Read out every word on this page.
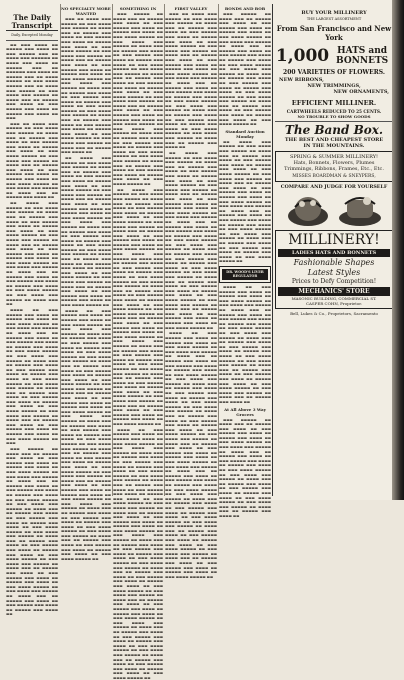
The Daily Transcript
Daily, Excepted Monday

▬▬ ▬▬▬ ▬▬▬▬ ▬▬ ▬▬▬▬▬ ▬▬▬ ▬▬▬▬ ▬▬ ▬▬▬ ▬▬▬▬▬ ▬▬▬ ▬▬ ▬▬▬▬ ▬▬▬ ▬▬▬▬▬▬ ▬▬ ▬▬▬▬ ▬▬▬ ▬▬▬▬ ▬▬ ▬▬▬▬▬ ▬▬▬ ▬▬ ▬▬▬▬▬▬ ▬▬▬ ▬▬▬▬ ▬▬ ▬▬▬▬▬ ▬▬▬ ▬▬ ▬▬▬▬ ▬▬▬▬▬ ▬▬ ▬▬▬ ▬▬▬▬ ▬▬▬▬▬ ▬▬▬ ▬▬ ▬▬▬▬ ▬▬▬ ▬▬▬▬▬ ▬▬ ▬▬▬ ▬▬▬▬ ▬▬▬ ▬▬▬▬▬ ▬▬ ▬▬▬▬ ▬▬▬ ▬▬ ▬▬▬▬▬ ▬▬▬ ▬▬▬▬ ▬▬ ▬▬▬ ▬▬▬▬▬ ▬▬▬ ▬▬▬▬ ▬▬ ▬▬▬▬▬ ▬▬▬ ▬▬▬▬ ▬▬ ▬▬▬

▬▬▬ ▬▬ ▬▬▬▬ ▬▬▬ ▬▬▬▬▬ ▬▬ ▬▬▬ ▬▬▬▬ ▬▬▬ ▬▬▬▬▬ ▬▬ ▬▬▬▬ ▬▬▬ ▬▬ ▬▬▬▬▬ ▬▬▬ ▬▬▬▬ ▬▬ ▬▬▬ ▬▬▬▬▬ ▬▬▬ ▬▬▬▬ ▬▬ ▬▬▬▬▬ ▬▬▬ ▬▬▬▬ ▬▬ ▬▬▬ ▬▬▬▬ ▬▬▬▬▬ ▬▬ ▬▬▬ ▬▬▬▬ ▬▬▬ ▬▬▬▬▬ ▬▬ ▬▬▬▬ ▬▬▬ ▬▬ ▬▬▬▬▬ ▬▬▬ ▬▬▬▬ ▬▬ ▬▬▬ ▬▬▬▬▬ ▬▬▬ ▬▬▬▬ ▬▬ ▬▬▬▬▬ ▬▬▬ ▬▬▬▬ ▬▬ ▬▬▬ ▬▬▬▬ ▬▬▬▬▬ ▬▬ ▬▬▬ ▬▬▬▬ ▬▬▬ ▬▬▬▬▬ ▬▬ ▬▬▬▬ ▬▬▬ ▬▬ ▬▬▬▬▬ ▬▬▬ ▬▬▬▬ ▬▬

▬▬ ▬▬▬▬ ▬▬▬ ▬▬▬▬▬ ▬▬ ▬▬▬ ▬▬▬▬ ▬▬▬ ▬▬▬▬▬ ▬▬ ▬▬▬▬ ▬▬▬ ▬▬ ▬▬▬▬▬ ▬▬▬ ▬▬▬▬ ▬▬ ▬▬▬ ▬▬▬▬▬ ▬▬▬ ▬▬▬▬ ▬▬ ▬▬▬▬▬ ▬▬▬ ▬▬▬▬ ▬▬ ▬▬▬ ▬▬▬▬ ▬▬▬▬▬ ▬▬ ▬▬▬ ▬▬▬▬ ▬▬▬ ▬▬▬▬▬ ▬▬ ▬▬▬▬ ▬▬▬ ▬▬ ▬▬▬▬▬ ▬▬▬ ▬▬▬▬ ▬▬ ▬▬▬ ▬▬▬▬▬ ▬▬▬ ▬▬▬▬ ▬▬ ▬▬▬▬▬ ▬▬▬ ▬▬▬▬ ▬▬ ▬▬▬ ▬▬▬▬ ▬▬▬▬▬ ▬▬ ▬▬▬ ▬▬▬▬ ▬▬▬ ▬▬▬▬▬ ▬▬ ▬▬▬▬ ▬▬▬ ▬▬ ▬▬▬▬▬ ▬▬▬ ▬▬▬▬ ▬▬ ▬▬▬ ▬▬▬▬▬ ▬▬▬ ▬▬▬▬ ▬▬ ▬▬▬▬▬ ▬▬▬ ▬▬▬▬ ▬▬ ▬▬▬ ▬▬▬▬ ▬▬▬▬▬ ▬▬ ▬▬▬ ▬▬▬▬ ▬▬▬ ▬▬▬▬▬ ▬▬ ▬▬▬▬ ▬▬▬ ▬▬

▬▬▬▬ ▬▬ ▬▬▬ ▬▬▬▬▬ ▬▬▬ ▬▬▬▬ ▬▬ ▬▬▬▬▬ ▬▬▬ ▬▬▬▬ ▬▬ ▬▬▬ ▬▬▬▬ ▬▬▬▬▬ ▬▬ ▬▬▬ ▬▬▬▬ ▬▬▬ ▬▬▬▬▬ ▬▬ ▬▬▬▬ ▬▬▬ ▬▬ ▬▬▬▬▬ ▬▬▬ ▬▬▬▬ ▬▬ ▬▬▬ ▬▬▬▬▬ ▬▬▬ ▬▬▬▬ ▬▬ ▬▬▬▬▬ ▬▬▬ ▬▬▬▬ ▬▬ ▬▬▬ ▬▬▬▬ ▬▬▬▬▬ ▬▬ ▬▬▬ ▬▬▬▬ ▬▬▬ ▬▬▬▬▬ ▬▬ ▬▬▬▬ ▬▬▬ ▬▬ ▬▬▬▬▬ ▬▬▬ ▬▬▬▬ ▬▬ ▬▬▬ ▬▬▬▬▬ ▬▬▬ ▬▬▬▬ ▬▬ ▬▬▬▬▬ ▬▬▬ ▬▬▬▬ ▬▬ ▬▬▬ ▬▬▬▬ ▬▬▬▬▬ ▬▬ ▬▬▬ ▬▬▬▬ ▬▬▬ ▬▬▬▬▬ ▬▬ ▬▬▬▬ ▬▬▬ ▬▬ ▬▬▬▬▬ ▬▬▬ ▬▬▬▬ ▬▬ ▬▬▬ ▬▬▬▬▬ ▬▬▬ ▬▬▬▬ ▬▬ ▬▬▬▬▬ ▬▬▬ ▬▬▬▬ ▬▬ ▬▬▬ ▬▬▬▬ ▬▬▬▬▬ ▬▬ ▬▬▬ ▬▬▬▬ ▬▬▬ ▬▬▬▬▬ ▬▬ ▬▬▬▬ ▬▬▬ ▬▬ ▬▬▬▬▬ ▬▬▬ ▬▬▬▬ ▬▬ ▬▬▬ ▬▬▬▬▬ ▬▬▬ ▬▬▬▬ ▬▬ ▬▬▬▬▬ ▬▬▬ ▬▬▬▬ ▬▬ ▬▬▬ ▬▬▬▬ ▬▬▬▬▬ ▬▬ ▬▬▬

▬▬▬ ▬▬▬▬▬ ▬▬ ▬▬▬▬ ▬▬▬ ▬▬ ▬▬▬▬▬ ▬▬▬ ▬▬▬▬ ▬▬ ▬▬▬ ▬▬▬▬▬ ▬▬▬ ▬▬▬▬ ▬▬ ▬▬▬▬▬ ▬▬▬ ▬▬▬▬ ▬▬ ▬▬▬ ▬▬▬▬ ▬▬▬▬▬ ▬▬ ▬▬▬ ▬▬▬▬ ▬▬▬ ▬▬▬▬▬ ▬▬ ▬▬▬▬ ▬▬▬ ▬▬ ▬▬▬▬▬ ▬▬▬ ▬▬▬▬ ▬▬ ▬▬▬ ▬▬▬▬▬ ▬▬▬ ▬▬▬▬ ▬▬ ▬▬▬▬▬ ▬▬▬ ▬▬▬▬ ▬▬ ▬▬▬ ▬▬▬▬ ▬▬▬▬▬ ▬▬ ▬▬▬ ▬▬▬▬ ▬▬▬ ▬▬▬▬▬ ▬▬ ▬▬▬▬ ▬▬▬ ▬▬ ▬▬▬▬▬ ▬▬▬ ▬▬▬▬ ▬▬ ▬▬▬ ▬▬▬▬▬ ▬▬▬ ▬▬▬▬ ▬▬ ▬▬▬▬▬ ▬▬▬ ▬▬▬▬ ▬▬ ▬▬▬ ▬▬▬▬ ▬▬▬▬▬ ▬▬ ▬▬▬ ▬▬▬▬ ▬▬▬ ▬▬▬▬▬ ▬▬ ▬▬▬▬ ▬▬▬ ▬▬ ▬▬▬▬▬ ▬▬▬ ▬▬▬▬ ▬▬ ▬▬▬ ▬▬▬▬▬ ▬▬▬ ▬▬▬▬ ▬▬ ▬▬▬▬▬ ▬▬▬ ▬▬▬▬ ▬▬ ▬▬▬ ▬▬▬▬ ▬▬▬▬▬ ▬▬ ▬▬▬ ▬▬▬▬ ▬▬▬ ▬▬▬▬▬ ▬▬ ▬▬▬▬ ▬▬▬ ▬▬ ▬▬▬▬▬ ▬▬▬ ▬▬▬▬ ▬▬ ▬▬▬ ▬▬▬▬▬ ▬▬▬ ▬▬▬▬ ▬▬ ▬▬▬▬▬ ▬▬▬ ▬▬▬▬ ▬▬ ▬▬▬ ▬▬▬▬ ▬▬▬▬▬ ▬▬ ▬▬▬ ▬▬▬▬ ▬▬▬ ▬▬▬▬▬ ▬▬ ▬▬▬▬ ▬▬▬ ▬▬ ▬▬▬▬▬ ▬▬▬ ▬▬▬▬ ▬▬ ▬▬▬ ▬▬▬▬▬ ▬▬▬ ▬▬▬▬ ▬▬ ▬▬▬▬▬ ▬▬▬ ▬▬▬▬ ▬▬

NO SPECIALTY MORE WANTED

▬▬▬ ▬▬ ▬▬▬▬ ▬▬▬ ▬▬▬▬▬ ▬▬ ▬▬▬ ▬▬▬▬ ▬▬▬ ▬▬▬▬▬ ▬▬ ▬▬▬▬ ▬▬▬ ▬▬ ▬▬▬▬▬ ▬▬▬ ▬▬▬▬ ▬▬ ▬▬▬ ▬▬▬▬▬ ▬▬▬ ▬▬▬▬ ▬▬ ▬▬▬▬▬ ▬▬▬ ▬▬▬▬ ▬▬ ▬▬▬ ▬▬▬▬ ▬▬▬▬▬ ▬▬ ▬▬▬ ▬▬▬▬ ▬▬▬ ▬▬▬▬▬ ▬▬ ▬▬▬▬ ▬▬▬ ▬▬ ▬▬▬▬▬ ▬▬▬ ▬▬▬▬ ▬▬ ▬▬▬ ▬▬▬▬▬ ▬▬▬ ▬▬▬▬ ▬▬ ▬▬▬▬▬ ▬▬▬ ▬▬▬▬ ▬▬ ▬▬▬ ▬▬▬▬ ▬▬▬▬▬ ▬▬ ▬▬▬ ▬▬▬▬ ▬▬▬ ▬▬▬▬▬ ▬▬ ▬▬▬▬ ▬▬▬ ▬▬ ▬▬▬▬▬ ▬▬▬ ▬▬▬▬ ▬▬ ▬▬▬ ▬▬▬▬▬ ▬▬▬ ▬▬▬▬ ▬▬ ▬▬▬▬▬ ▬▬▬ ▬▬▬▬ ▬▬ ▬▬▬ ▬▬▬▬ ▬▬▬▬▬ ▬▬ ▬▬▬ ▬▬▬▬ ▬▬▬ ▬▬▬▬▬ ▬▬ ▬▬▬▬ ▬▬▬ ▬▬ ▬▬▬▬▬ ▬▬▬ ▬▬▬▬ ▬▬ ▬▬▬ ▬▬▬▬▬ ▬▬▬ ▬▬▬▬ ▬▬ ▬▬▬▬▬ ▬▬▬ ▬▬▬▬ ▬▬ ▬▬▬ ▬▬▬▬ ▬▬▬▬▬ ▬▬ ▬▬▬ ▬▬▬▬ ▬▬▬ ▬▬▬▬▬ ▬▬ ▬▬▬▬ ▬▬▬ ▬▬ ▬▬▬▬▬ ▬▬▬ ▬▬▬▬ ▬▬

▬▬ ▬▬▬▬ ▬▬▬ ▬▬▬▬▬ ▬▬ ▬▬▬ ▬▬▬▬ ▬▬▬ ▬▬▬▬▬ ▬▬ ▬▬▬▬ ▬▬▬ ▬▬ ▬▬▬▬▬ ▬▬▬ ▬▬▬▬ ▬▬ ▬▬▬ ▬▬▬▬▬ ▬▬▬ ▬▬▬▬ ▬▬ ▬▬▬▬▬ ▬▬▬ ▬▬▬▬ ▬▬ ▬▬▬ ▬▬▬▬ ▬▬▬▬▬ ▬▬ ▬▬▬ ▬▬▬▬ ▬▬▬ ▬▬▬▬▬ ▬▬ ▬▬▬▬ ▬▬▬ ▬▬ ▬▬▬▬▬ ▬▬▬ ▬▬▬▬ ▬▬ ▬▬▬ ▬▬▬▬▬ ▬▬▬ ▬▬▬▬ ▬▬ ▬▬▬▬▬ ▬▬▬ ▬▬▬▬ ▬▬ ▬▬▬ ▬▬▬▬ ▬▬▬▬▬ ▬▬ ▬▬▬ ▬▬▬▬ ▬▬▬ ▬▬▬▬▬ ▬▬ ▬▬▬▬ ▬▬▬ ▬▬ ▬▬▬▬▬ ▬▬▬ ▬▬▬▬ ▬▬ ▬▬▬ ▬▬▬▬▬ ▬▬▬ ▬▬▬▬ ▬▬ ▬▬▬▬▬ ▬▬▬ ▬▬▬▬ ▬▬ ▬▬▬ ▬▬▬▬ ▬▬▬▬▬ ▬▬ ▬▬▬ ▬▬▬▬ ▬▬▬ ▬▬▬▬▬ ▬▬ ▬▬▬▬ ▬▬▬ ▬▬ ▬▬▬▬▬ ▬▬▬ ▬▬▬▬ ▬▬ ▬▬▬ ▬▬▬▬▬ ▬▬▬ ▬▬▬▬ ▬▬ ▬▬▬▬▬ ▬▬▬ ▬▬▬▬ ▬▬ ▬▬▬ ▬▬▬▬ ▬▬▬▬▬ ▬▬ ▬▬▬ ▬▬▬▬ ▬▬▬ ▬▬▬▬▬ ▬▬ ▬▬▬▬ ▬▬▬ ▬▬ ▬▬▬▬▬ ▬▬▬ ▬▬▬▬ ▬▬ ▬▬▬ ▬▬▬▬▬ ▬▬▬ ▬▬▬▬ ▬▬ ▬▬▬▬▬ ▬▬▬ ▬▬▬▬ ▬▬ ▬▬▬ ▬▬▬▬ ▬▬▬▬▬ ▬▬

▬▬▬▬ ▬▬ ▬▬▬ ▬▬▬▬▬ ▬▬▬ ▬▬▬▬ ▬▬ ▬▬▬▬▬ ▬▬▬ ▬▬▬▬ ▬▬ ▬▬▬ ▬▬▬▬ ▬▬▬▬▬ ▬▬ ▬▬▬ ▬▬▬▬ ▬▬▬ ▬▬▬▬▬ ▬▬ ▬▬▬▬ ▬▬▬ ▬▬ ▬▬▬▬▬ ▬▬▬ ▬▬▬▬ ▬▬ ▬▬▬ ▬▬▬▬▬ ▬▬▬ ▬▬▬▬ ▬▬ ▬▬▬▬▬ ▬▬▬ ▬▬▬▬ ▬▬ ▬▬▬ ▬▬▬▬ ▬▬▬▬▬ ▬▬ ▬▬▬ ▬▬▬▬ ▬▬▬ ▬▬▬▬▬ ▬▬ ▬▬▬▬ ▬▬▬ ▬▬ ▬▬▬▬▬ ▬▬▬ ▬▬▬▬ ▬▬ ▬▬▬ ▬▬▬▬▬ ▬▬▬ ▬▬▬▬ ▬▬ ▬▬▬▬▬ ▬▬▬ ▬▬▬▬ ▬▬ ▬▬▬ ▬▬▬▬ ▬▬▬▬▬ ▬▬ ▬▬▬ ▬▬▬▬ ▬▬▬ ▬▬▬▬▬ ▬▬ ▬▬▬▬ ▬▬▬ ▬▬ ▬▬▬▬▬ ▬▬▬ ▬▬▬▬ ▬▬ ▬▬▬ ▬▬▬▬▬ ▬▬▬ ▬▬▬▬ ▬▬ ▬▬▬▬▬ ▬▬▬ ▬▬▬▬ ▬▬ ▬▬▬ ▬▬▬▬ ▬▬▬▬▬ ▬▬ ▬▬▬ ▬▬▬▬ ▬▬▬ ▬▬▬▬▬ ▬▬ ▬▬▬▬ ▬▬▬ ▬▬ ▬▬▬▬▬ ▬▬▬ ▬▬▬▬ ▬▬ ▬▬▬ ▬▬▬▬▬ ▬▬▬ ▬▬▬▬ ▬▬ ▬▬▬▬▬ ▬▬▬ ▬▬▬▬ ▬▬ ▬▬▬ ▬▬▬▬ ▬▬▬▬▬ ▬▬ ▬▬▬ ▬▬▬▬ ▬▬▬ ▬▬▬▬▬ ▬▬ ▬▬▬▬ ▬▬▬ ▬▬ ▬▬▬▬▬ ▬▬▬ ▬▬▬▬ ▬▬ ▬▬▬ ▬▬▬▬▬ ▬▬▬ ▬▬▬▬ ▬▬ ▬▬▬▬▬ ▬▬▬ ▬▬▬▬ ▬▬ ▬▬▬ ▬▬▬▬ ▬▬▬▬▬ ▬▬ ▬▬▬ ▬▬▬▬ ▬▬▬ ▬▬▬▬▬ ▬▬ ▬▬▬▬ ▬▬▬ ▬▬ ▬▬▬▬▬ ▬▬▬ ▬▬▬▬ ▬▬ ▬▬▬ ▬▬▬▬▬ ▬▬▬ ▬▬▬▬ ▬▬ ▬▬▬▬▬ ▬▬▬ ▬▬▬▬ ▬▬ ▬▬▬ ▬▬▬▬ ▬▬▬▬▬ ▬▬ ▬▬▬ ▬▬▬▬ ▬▬▬ ▬▬▬▬▬ ▬▬ ▬▬▬▬ ▬▬▬ ▬▬ ▬▬▬▬▬ ▬▬▬ ▬▬▬▬ ▬▬ ▬▬▬ ▬▬▬▬▬ ▬▬▬ ▬▬▬▬ ▬▬ ▬▬▬▬▬ ▬▬▬ ▬▬▬▬ ▬▬ ▬▬▬ ▬▬▬▬ ▬▬▬▬▬ ▬▬ ▬▬▬ ▬▬▬▬ ▬▬▬ ▬▬▬▬▬ ▬▬ ▬▬▬▬ ▬▬▬ ▬▬ ▬▬▬▬▬ ▬▬▬ ▬▬▬▬ ▬▬ ▬▬▬ ▬▬▬▬▬ ▬▬▬ ▬▬▬▬ ▬▬ ▬▬▬▬▬ ▬▬▬ ▬▬▬▬ ▬▬ ▬▬▬ ▬▬▬▬ ▬▬▬▬▬ ▬▬

SOMETHING IN

▬▬▬ ▬▬▬▬▬ ▬▬ ▬▬▬▬ ▬▬▬ ▬▬ ▬▬▬▬▬ ▬▬▬ ▬▬▬▬ ▬▬ ▬▬▬ ▬▬▬▬▬ ▬▬▬ ▬▬▬▬ ▬▬ ▬▬▬▬▬ ▬▬▬ ▬▬▬▬ ▬▬ ▬▬▬ ▬▬▬▬ ▬▬▬▬▬ ▬▬ ▬▬▬ ▬▬▬▬ ▬▬▬ ▬▬▬▬▬ ▬▬ ▬▬▬▬ ▬▬▬ ▬▬ ▬▬▬▬▬ ▬▬▬ ▬▬▬▬ ▬▬ ▬▬▬ ▬▬▬▬▬ ▬▬▬ ▬▬▬▬ ▬▬ ▬▬▬▬▬ ▬▬▬ ▬▬▬▬ ▬▬ ▬▬▬ ▬▬▬▬ ▬▬▬▬▬ ▬▬ ▬▬▬ ▬▬▬▬ ▬▬▬ ▬▬▬▬▬ ▬▬ ▬▬▬▬ ▬▬▬ ▬▬ ▬▬▬▬▬ ▬▬▬ ▬▬▬▬ ▬▬ ▬▬▬ ▬▬▬▬▬ ▬▬▬ ▬▬▬▬ ▬▬ ▬▬▬▬▬ ▬▬▬ ▬▬▬▬ ▬▬ ▬▬▬ ▬▬▬▬ ▬▬▬▬▬ ▬▬ ▬▬▬ ▬▬▬▬ ▬▬▬ ▬▬▬▬▬ ▬▬ ▬▬▬▬ ▬▬▬ ▬▬ ▬▬▬▬▬ ▬▬▬ ▬▬▬▬ ▬▬ ▬▬▬ ▬▬▬▬▬ ▬▬▬ ▬▬▬▬ ▬▬ ▬▬▬▬▬ ▬▬▬ ▬▬▬▬ ▬▬ ▬▬▬ ▬▬▬▬ ▬▬▬▬▬ ▬▬ ▬▬▬ ▬▬▬▬ ▬▬▬ ▬▬▬▬▬ ▬▬ ▬▬▬▬ ▬▬▬ ▬▬ ▬▬▬▬▬ ▬▬▬ ▬▬▬▬ ▬▬ ▬▬▬ ▬▬▬▬▬ ▬▬▬ ▬▬▬▬ ▬▬ ▬▬▬▬▬ ▬▬▬ ▬▬▬▬ ▬▬ ▬▬▬ ▬▬▬▬ ▬▬▬▬▬ ▬▬ ▬▬▬ ▬▬▬▬ ▬▬▬ ▬▬▬▬▬ ▬▬ ▬▬▬▬ ▬▬▬ ▬▬ ▬▬▬▬▬ ▬▬▬ ▬▬▬▬ ▬▬ ▬▬▬ ▬▬▬▬▬ ▬▬▬ ▬▬▬▬ ▬▬ ▬▬▬▬▬ ▬▬▬ ▬▬▬▬ ▬▬ ▬▬▬ ▬▬▬▬ ▬▬▬▬▬ ▬▬

▬▬ ▬▬▬▬ ▬▬▬ ▬▬▬▬▬ ▬▬ ▬▬▬ ▬▬▬▬ ▬▬▬ ▬▬▬▬▬ ▬▬ ▬▬▬▬ ▬▬▬ ▬▬ ▬▬▬▬▬ ▬▬▬ ▬▬▬▬ ▬▬ ▬▬▬ ▬▬▬▬▬ ▬▬▬ ▬▬▬▬ ▬▬ ▬▬▬▬▬ ▬▬▬ ▬▬▬▬ ▬▬ ▬▬▬ ▬▬▬▬ ▬▬▬▬▬ ▬▬ ▬▬▬ ▬▬▬▬ ▬▬▬ ▬▬▬▬▬ ▬▬ ▬▬▬▬ ▬▬▬ ▬▬ ▬▬▬▬▬ ▬▬▬ ▬▬▬▬ ▬▬ ▬▬▬ ▬▬▬▬▬ ▬▬▬ ▬▬▬▬ ▬▬ ▬▬▬▬▬ ▬▬▬ ▬▬▬▬ ▬▬ ▬▬▬ ▬▬▬▬ ▬▬▬▬▬ ▬▬ ▬▬▬ ▬▬▬▬ ▬▬▬ ▬▬▬▬▬ ▬▬ ▬▬▬▬ ▬▬▬ ▬▬ ▬▬▬▬▬ ▬▬▬ ▬▬▬▬ ▬▬ ▬▬▬ ▬▬▬▬▬ ▬▬▬ ▬▬▬▬ ▬▬ ▬▬▬▬▬ ▬▬▬ ▬▬▬▬ ▬▬ ▬▬▬ ▬▬▬▬ ▬▬▬▬▬ ▬▬ ▬▬▬ ▬▬▬▬ ▬▬▬ ▬▬▬▬▬ ▬▬ ▬▬▬▬ ▬▬▬ ▬▬ ▬▬▬▬▬ ▬▬▬ ▬▬▬▬ ▬▬ ▬▬▬ ▬▬▬▬▬ ▬▬▬ ▬▬▬▬ ▬▬ ▬▬▬▬▬ ▬▬▬ ▬▬▬▬ ▬▬ ▬▬▬ ▬▬▬▬ ▬▬▬▬▬ ▬▬ ▬▬▬ ▬▬▬▬ ▬▬▬ ▬▬▬▬▬ ▬▬ ▬▬▬▬ ▬▬▬ ▬▬ ▬▬▬▬▬ ▬▬▬ ▬▬▬▬ ▬▬ ▬▬▬ ▬▬▬▬▬ ▬▬▬ ▬▬▬▬ ▬▬ ▬▬▬▬▬ ▬▬▬ ▬▬▬▬ ▬▬ ▬▬▬ ▬▬▬▬ ▬▬▬▬▬ ▬▬ ▬▬▬ ▬▬▬▬ ▬▬▬ ▬▬▬▬▬ ▬▬ ▬▬▬▬ ▬▬▬ ▬▬ ▬▬▬▬▬ ▬▬▬ ▬▬▬▬ ▬▬ ▬▬▬ ▬▬▬▬▬ ▬▬▬ ▬▬▬▬ ▬▬ ▬▬▬▬▬ ▬▬▬ ▬▬▬▬ ▬▬ ▬▬▬ ▬▬▬▬ ▬▬▬▬▬ ▬▬ ▬▬▬ ▬▬▬▬ ▬▬▬ ▬▬▬▬▬ ▬▬ ▬▬▬▬ ▬▬▬ ▬▬ ▬▬▬▬▬ ▬▬▬ ▬▬▬▬ ▬▬ ▬▬▬ ▬▬▬▬▬ ▬▬▬ ▬▬▬▬ ▬▬ ▬▬▬▬▬ ▬▬▬ ▬▬▬▬ ▬▬ ▬▬▬ ▬▬▬▬ ▬▬▬▬▬ ▬▬ ▬▬▬ ▬▬▬▬ ▬▬▬ ▬▬▬▬▬ ▬▬ ▬▬▬▬ ▬▬▬ ▬▬ ▬▬▬▬▬ ▬▬▬ ▬▬▬▬ ▬▬ ▬▬▬ ▬▬▬▬▬ ▬▬▬ ▬▬▬▬ ▬▬ ▬▬▬▬▬ ▬▬▬ ▬▬▬▬ ▬▬ ▬▬▬ ▬▬▬▬ ▬▬▬▬▬ ▬▬

▬▬▬▬ ▬▬ ▬▬▬ ▬▬▬▬▬ ▬▬▬ ▬▬▬▬ ▬▬ ▬▬▬▬▬ ▬▬▬ ▬▬▬▬ ▬▬ ▬▬▬ ▬▬▬▬ ▬▬▬▬▬ ▬▬ ▬▬▬ ▬▬▬▬ ▬▬▬ ▬▬▬▬▬ ▬▬ ▬▬▬▬ ▬▬▬ ▬▬ ▬▬▬▬▬ ▬▬▬ ▬▬▬▬ ▬▬ ▬▬▬ ▬▬▬▬▬ ▬▬▬ ▬▬▬▬ ▬▬ ▬▬▬▬▬ ▬▬▬ ▬▬▬▬ ▬▬ ▬▬▬ ▬▬▬▬ ▬▬▬▬▬ ▬▬ ▬▬▬ ▬▬▬▬ ▬▬▬ ▬▬▬▬▬ ▬▬ ▬▬▬▬ ▬▬▬ ▬▬ ▬▬▬▬▬ ▬▬▬ ▬▬▬▬ ▬▬ ▬▬▬ ▬▬▬▬▬ ▬▬▬ ▬▬▬▬ ▬▬ ▬▬▬▬▬ ▬▬▬ ▬▬▬▬ ▬▬ ▬▬▬ ▬▬▬▬ ▬▬▬▬▬ ▬▬ ▬▬▬ ▬▬▬▬ ▬▬▬ ▬▬▬▬▬ ▬▬ ▬▬▬▬ ▬▬▬ ▬▬ ▬▬▬▬▬ ▬▬▬ ▬▬▬▬ ▬▬ ▬▬▬ ▬▬▬▬▬ ▬▬▬ ▬▬▬▬ ▬▬ ▬▬▬▬▬ ▬▬▬ ▬▬▬▬ ▬▬ ▬▬▬ ▬▬▬▬ ▬▬▬▬▬ ▬▬ ▬▬▬ ▬▬▬▬ ▬▬▬ ▬▬▬▬▬ ▬▬ ▬▬▬▬ ▬▬▬ ▬▬ ▬▬▬▬▬ ▬▬▬ ▬▬▬▬ ▬▬ ▬▬▬ ▬▬▬▬▬ ▬▬▬ ▬▬▬▬ ▬▬ ▬▬▬▬▬ ▬▬▬ ▬▬▬▬ ▬▬ ▬▬▬ ▬▬▬▬ ▬▬▬▬▬ ▬▬ ▬▬▬ ▬▬▬▬ ▬▬▬ ▬▬▬▬▬ ▬▬ ▬▬▬▬ ▬▬▬ ▬▬ ▬▬▬▬▬ ▬▬▬ ▬▬▬▬ ▬▬ ▬▬▬ ▬▬▬▬▬ ▬▬▬ ▬▬▬▬ ▬▬ ▬▬▬▬▬ ▬▬▬ ▬▬▬▬ ▬▬ ▬▬▬ ▬▬▬▬ ▬▬▬▬▬ ▬▬ ▬▬▬ ▬▬▬▬ ▬▬▬ ▬▬▬▬▬ ▬▬ ▬▬▬▬ ▬▬▬ ▬▬ ▬▬▬▬▬ ▬▬▬ ▬▬▬▬ ▬▬ ▬▬▬ ▬▬▬▬▬ ▬▬▬ ▬▬▬▬ ▬▬ ▬▬▬▬▬ ▬▬▬ ▬▬▬▬ ▬▬ ▬▬▬ ▬▬▬▬ ▬▬▬▬▬ ▬▬ ▬▬▬ ▬▬▬▬ ▬▬▬ ▬▬▬▬▬ ▬▬ ▬▬▬▬ ▬▬▬ ▬▬ ▬▬▬▬▬ ▬▬▬ ▬▬▬▬ ▬▬ ▬▬▬ ▬▬▬▬▬ ▬▬▬ ▬▬▬▬ ▬▬ ▬▬▬▬▬ ▬▬▬ ▬▬▬▬ ▬▬ ▬▬▬ ▬▬▬▬ ▬▬▬▬▬ ▬▬ ▬▬▬ ▬▬▬▬ ▬▬▬ ▬▬▬▬▬ ▬▬ ▬▬▬▬ ▬▬▬ ▬▬ ▬▬▬▬▬ ▬▬▬ ▬▬▬▬ ▬▬ ▬▬▬ ▬▬▬▬▬ ▬▬▬ ▬▬▬▬ ▬▬ ▬▬▬▬▬ ▬▬▬ ▬▬▬▬ ▬▬ ▬▬▬ ▬▬▬▬ ▬▬▬▬▬ ▬▬

FIRST VALLEY

▬▬▬ ▬▬ ▬▬▬▬ ▬▬▬ ▬▬▬▬▬ ▬▬ ▬▬▬ ▬▬▬▬ ▬▬▬ ▬▬▬▬▬ ▬▬ ▬▬▬▬ ▬▬▬ ▬▬ ▬▬▬▬▬ ▬▬▬ ▬▬▬▬ ▬▬ ▬▬▬ ▬▬▬▬▬ ▬▬▬ ▬▬▬▬ ▬▬ ▬▬▬▬▬ ▬▬▬ ▬▬▬▬ ▬▬ ▬▬▬ ▬▬▬▬ ▬▬▬▬▬ ▬▬ ▬▬▬ ▬▬▬▬ ▬▬▬ ▬▬▬▬▬ ▬▬ ▬▬▬▬ ▬▬▬ ▬▬ ▬▬▬▬▬ ▬▬▬ ▬▬▬▬ ▬▬ ▬▬▬ ▬▬▬▬▬ ▬▬▬ ▬▬▬▬ ▬▬ ▬▬▬▬▬ ▬▬▬ ▬▬▬▬ ▬▬ ▬▬▬ ▬▬▬▬ ▬▬▬▬▬ ▬▬ ▬▬▬ ▬▬▬▬ ▬▬▬ ▬▬▬▬▬ ▬▬ ▬▬▬▬ ▬▬▬ ▬▬ ▬▬▬▬▬ ▬▬▬ ▬▬▬▬ ▬▬ ▬▬▬ ▬▬▬▬▬ ▬▬▬ ▬▬▬▬ ▬▬ ▬▬▬▬▬ ▬▬▬ ▬▬▬▬ ▬▬ ▬▬▬ ▬▬▬▬ ▬▬▬▬▬ ▬▬ ▬▬▬ ▬▬▬▬ ▬▬▬ ▬▬▬▬▬ ▬▬ ▬▬▬▬ ▬▬▬ ▬▬ ▬▬▬▬▬ ▬▬▬ ▬▬▬▬ ▬▬ ▬▬▬ ▬▬▬▬▬ ▬▬▬ ▬▬▬▬ ▬▬ ▬▬▬▬▬ ▬▬▬ ▬▬▬▬ ▬▬ ▬▬▬ ▬▬▬▬ ▬▬▬▬▬ ▬▬ ▬▬▬ ▬▬▬▬ ▬▬▬ ▬▬▬▬▬ ▬▬ ▬▬▬▬ ▬▬▬ ▬▬ ▬▬▬▬▬ ▬▬▬ ▬▬▬▬ ▬▬

▬▬ ▬▬▬▬ ▬▬▬ ▬▬▬▬▬ ▬▬ ▬▬▬ ▬▬▬▬ ▬▬▬ ▬▬▬▬▬ ▬▬ ▬▬▬▬ ▬▬▬ ▬▬ ▬▬▬▬▬ ▬▬▬ ▬▬▬▬ ▬▬ ▬▬▬ ▬▬▬▬▬ ▬▬▬ ▬▬▬▬ ▬▬ ▬▬▬▬▬ ▬▬▬ ▬▬▬▬ ▬▬ ▬▬▬ ▬▬▬▬ ▬▬▬▬▬ ▬▬ ▬▬▬ ▬▬▬▬ ▬▬▬ ▬▬▬▬▬ ▬▬ ▬▬▬▬ ▬▬▬ ▬▬ ▬▬▬▬▬ ▬▬▬ ▬▬▬▬ ▬▬ ▬▬▬ ▬▬▬▬▬ ▬▬▬ ▬▬▬▬ ▬▬ ▬▬▬▬▬ ▬▬▬ ▬▬▬▬ ▬▬ ▬▬▬ ▬▬▬▬ ▬▬▬▬▬ ▬▬ ▬▬▬ ▬▬▬▬ ▬▬▬ ▬▬▬▬▬ ▬▬ ▬▬▬▬ ▬▬▬ ▬▬ ▬▬▬▬▬ ▬▬▬ ▬▬▬▬ ▬▬ ▬▬▬ ▬▬▬▬▬ ▬▬▬ ▬▬▬▬ ▬▬ ▬▬▬▬▬ ▬▬▬ ▬▬▬▬ ▬▬ ▬▬▬ ▬▬▬▬ ▬▬▬▬▬ ▬▬ ▬▬▬ ▬▬▬▬ ▬▬▬ ▬▬▬▬▬ ▬▬ ▬▬▬▬ ▬▬▬ ▬▬ ▬▬▬▬▬ ▬▬▬ ▬▬▬▬ ▬▬ ▬▬▬ ▬▬▬▬▬ ▬▬▬ ▬▬▬▬ ▬▬ ▬▬▬▬▬ ▬▬▬ ▬▬▬▬ ▬▬ ▬▬▬ ▬▬▬▬ ▬▬▬▬▬ ▬▬ ▬▬▬ ▬▬▬▬ ▬▬▬ ▬▬▬▬▬ ▬▬ ▬▬▬▬ ▬▬▬ ▬▬ ▬▬▬▬▬ ▬▬▬ ▬▬▬▬ ▬▬ ▬▬▬ ▬▬▬▬▬ ▬▬▬ ▬▬▬▬ ▬▬ ▬▬▬▬▬ ▬▬▬ ▬▬▬▬ ▬▬ ▬▬▬ ▬▬▬▬ ▬▬▬▬▬ ▬▬ ▬▬▬ ▬▬▬▬ ▬▬▬ ▬▬▬▬▬ ▬▬ ▬▬▬▬ ▬▬▬ ▬▬ ▬▬▬▬▬ ▬▬▬ ▬▬▬▬ ▬▬ ▬▬▬ ▬▬▬▬▬ ▬▬▬ ▬▬▬▬ ▬▬ ▬▬▬▬▬ ▬▬▬ ▬▬▬▬ ▬▬ ▬▬▬ ▬▬▬▬ ▬▬▬▬▬ ▬▬

▬▬▬▬ ▬▬ ▬▬▬ ▬▬▬▬▬ ▬▬▬ ▬▬▬▬ ▬▬ ▬▬▬▬▬ ▬▬▬ ▬▬▬▬ ▬▬ ▬▬▬ ▬▬▬▬ ▬▬▬▬▬ ▬▬ ▬▬▬ ▬▬▬▬ ▬▬▬ ▬▬▬▬▬ ▬▬ ▬▬▬▬ ▬▬▬ ▬▬ ▬▬▬▬▬ ▬▬▬ ▬▬▬▬ ▬▬ ▬▬▬ ▬▬▬▬▬ ▬▬▬ ▬▬▬▬ ▬▬ ▬▬▬▬▬ ▬▬▬ ▬▬▬▬ ▬▬ ▬▬▬ ▬▬▬▬ ▬▬▬▬▬ ▬▬ ▬▬▬ ▬▬▬▬ ▬▬▬ ▬▬▬▬▬ ▬▬ ▬▬▬▬ ▬▬▬ ▬▬ ▬▬▬▬▬ ▬▬▬ ▬▬▬▬ ▬▬ ▬▬▬ ▬▬▬▬▬ ▬▬▬ ▬▬▬▬ ▬▬ ▬▬▬▬▬ ▬▬▬ ▬▬▬▬ ▬▬ ▬▬▬ ▬▬▬▬ ▬▬▬▬▬ ▬▬ ▬▬▬ ▬▬▬▬ ▬▬▬ ▬▬▬▬▬ ▬▬ ▬▬▬▬ ▬▬▬ ▬▬ ▬▬▬▬▬ ▬▬▬ ▬▬▬▬ ▬▬ ▬▬▬ ▬▬▬▬▬ ▬▬▬ ▬▬▬▬ ▬▬ ▬▬▬▬▬ ▬▬▬ ▬▬▬▬ ▬▬ ▬▬▬ ▬▬▬▬ ▬▬▬▬▬ ▬▬ ▬▬▬ ▬▬▬▬ ▬▬▬ ▬▬▬▬▬ ▬▬ ▬▬▬▬ ▬▬▬ ▬▬ ▬▬▬▬▬ ▬▬▬ ▬▬▬▬ ▬▬ ▬▬▬ ▬▬▬▬▬ ▬▬▬ ▬▬▬▬ ▬▬ ▬▬▬▬▬ ▬▬▬ ▬▬▬▬ ▬▬ ▬▬▬ ▬▬▬▬ ▬▬▬▬▬ ▬▬ ▬▬▬ ▬▬▬▬ ▬▬▬ ▬▬▬▬▬ ▬▬ ▬▬▬▬ ▬▬▬ ▬▬ ▬▬▬▬▬ ▬▬▬ ▬▬▬▬ ▬▬ ▬▬▬ ▬▬▬▬▬ ▬▬▬ ▬▬▬▬ ▬▬ ▬▬▬▬▬ ▬▬▬ ▬▬▬▬ ▬▬ ▬▬▬ ▬▬▬▬ ▬▬▬▬▬ ▬▬ ▬▬▬ ▬▬▬▬ ▬▬▬ ▬▬▬▬▬ ▬▬ ▬▬▬▬ ▬▬▬ ▬▬ ▬▬▬▬▬ ▬▬▬ ▬▬▬▬ ▬▬ ▬▬▬ ▬▬▬▬▬ ▬▬▬ ▬▬▬▬ ▬▬ ▬▬▬▬▬ ▬▬▬ ▬▬▬▬ ▬▬ ▬▬▬ ▬▬▬▬ ▬▬▬▬▬ ▬▬ ▬▬▬ ▬▬▬▬ ▬▬▬ ▬▬▬▬▬ ▬▬ ▬▬▬▬ ▬▬▬ ▬▬ ▬▬▬▬▬ ▬▬▬ ▬▬▬▬ ▬▬ ▬▬▬ ▬▬▬▬▬ ▬▬▬ ▬▬▬▬ ▬▬ ▬▬▬▬▬ ▬▬▬ ▬▬▬▬ ▬▬ ▬▬▬ ▬▬▬▬ ▬▬▬▬▬ ▬▬ ▬▬▬ ▬▬▬▬ ▬▬▬ ▬▬▬▬▬ ▬▬ ▬▬▬▬ ▬▬▬ ▬▬ ▬▬▬▬▬ ▬▬▬ ▬▬▬▬ ▬▬ ▬▬▬ ▬▬▬▬▬ ▬▬▬ ▬▬▬▬ ▬▬ ▬▬▬▬▬ ▬▬▬ ▬▬▬▬ ▬▬ ▬▬▬ ▬▬▬▬ ▬▬▬▬▬ ▬▬

BONDS AND BOB

▬▬▬ ▬▬▬▬▬ ▬▬ ▬▬▬▬ ▬▬▬ ▬▬ ▬▬▬▬▬ ▬▬▬ ▬▬▬▬ ▬▬ ▬▬▬ ▬▬▬▬▬ ▬▬▬ ▬▬▬▬ ▬▬ ▬▬▬▬▬ ▬▬▬ ▬▬▬▬ ▬▬ ▬▬▬ ▬▬▬▬ ▬▬▬▬▬ ▬▬ ▬▬▬ ▬▬▬▬ ▬▬▬ ▬▬▬▬▬ ▬▬ ▬▬▬▬ ▬▬▬ ▬▬ ▬▬▬▬▬ ▬▬▬ ▬▬▬▬ ▬▬ ▬▬▬ ▬▬▬▬▬ ▬▬▬ ▬▬▬▬ ▬▬ ▬▬▬▬▬ ▬▬▬ ▬▬▬▬ ▬▬ ▬▬▬ ▬▬▬▬ ▬▬▬▬▬ ▬▬ ▬▬▬ ▬▬▬▬ ▬▬▬ ▬▬▬▬▬ ▬▬ ▬▬▬▬ ▬▬▬ ▬▬ ▬▬▬▬▬ ▬▬▬ ▬▬▬▬ ▬▬ ▬▬▬ ▬▬▬▬▬ ▬▬▬ ▬▬▬▬ ▬▬ ▬▬▬▬▬ ▬▬▬ ▬▬▬▬ ▬▬ ▬▬▬ ▬▬▬▬ ▬▬▬▬▬ ▬▬ ▬▬▬ ▬▬▬▬ ▬▬▬ ▬▬▬▬▬ ▬▬ ▬▬▬▬ ▬▬▬ ▬▬ ▬▬▬▬▬ ▬▬▬ ▬▬▬▬ ▬▬ ▬▬▬ ▬▬▬▬▬ ▬▬▬ ▬▬▬▬ ▬▬ ▬▬▬▬▬ ▬▬▬ ▬▬▬▬ ▬▬ ▬▬▬ ▬▬▬▬ ▬▬▬▬▬ ▬▬

Standard Auction Monday

▬▬ ▬▬▬▬ ▬▬▬ ▬▬▬▬▬ ▬▬ ▬▬▬ ▬▬▬▬ ▬▬▬ ▬▬▬▬▬ ▬▬ ▬▬▬▬ ▬▬▬ ▬▬ ▬▬▬▬▬ ▬▬▬ ▬▬▬▬ ▬▬ ▬▬▬ ▬▬▬▬▬ ▬▬▬ ▬▬▬▬ ▬▬ ▬▬▬▬▬ ▬▬▬ ▬▬▬▬ ▬▬ ▬▬▬ ▬▬▬▬ ▬▬▬▬▬ ▬▬ ▬▬▬ ▬▬▬▬ ▬▬▬ ▬▬▬▬▬ ▬▬ ▬▬▬▬ ▬▬▬ ▬▬ ▬▬▬▬▬ ▬▬▬ ▬▬▬▬ ▬▬ ▬▬▬ ▬▬▬▬▬ ▬▬▬ ▬▬▬▬ ▬▬ ▬▬▬▬▬ ▬▬▬ ▬▬▬▬ ▬▬ ▬▬▬ ▬▬▬▬ ▬▬▬▬▬ ▬▬ ▬▬▬ ▬▬▬▬ ▬▬▬ ▬▬▬▬▬ ▬▬ ▬▬▬▬ ▬▬▬ ▬▬ ▬▬▬▬▬ ▬▬▬ ▬▬▬▬ ▬▬ ▬▬▬ ▬▬▬▬▬ ▬▬▬ ▬▬▬▬ ▬▬ ▬▬▬▬▬ ▬▬▬ ▬▬▬▬ ▬▬ ▬▬▬ ▬▬▬▬ ▬▬▬▬▬ ▬▬ ▬▬▬ ▬▬▬▬ ▬▬▬ ▬▬▬▬▬ ▬▬ ▬▬▬▬ ▬▬▬ ▬▬ ▬▬▬▬▬ ▬▬▬ ▬▬▬▬ ▬▬ ▬▬▬ ▬▬▬▬▬ ▬▬▬ ▬▬▬▬ ▬▬ ▬▬▬▬▬ ▬▬▬ ▬▬▬▬ ▬▬ ▬▬▬ ▬▬▬▬ ▬▬▬▬▬ ▬▬

DR. WOOD'S LIVER REGULATOR

▬▬▬▬ ▬▬ ▬▬▬ ▬▬▬▬▬ ▬▬▬ ▬▬▬▬ ▬▬ ▬▬▬▬▬ ▬▬▬ ▬▬▬▬ ▬▬ ▬▬▬ ▬▬▬▬ ▬▬▬▬▬ ▬▬ ▬▬▬ ▬▬▬▬ ▬▬▬ ▬▬▬▬▬ ▬▬ ▬▬▬▬ ▬▬▬ ▬▬ ▬▬▬▬▬ ▬▬▬ ▬▬▬▬ ▬▬ ▬▬▬ ▬▬▬▬▬ ▬▬▬ ▬▬▬▬ ▬▬ ▬▬▬▬▬ ▬▬▬ ▬▬▬▬ ▬▬ ▬▬▬ ▬▬▬▬ ▬▬▬▬▬ ▬▬ ▬▬▬ ▬▬▬▬ ▬▬▬ ▬▬▬▬▬ ▬▬ ▬▬▬▬ ▬▬▬ ▬▬ ▬▬▬▬▬ ▬▬▬ ▬▬▬▬ ▬▬ ▬▬▬ ▬▬▬▬▬ ▬▬▬ ▬▬▬▬ ▬▬ ▬▬▬▬▬ ▬▬▬ ▬▬▬▬ ▬▬ ▬▬▬ ▬▬▬▬ ▬▬▬▬▬ ▬▬ ▬▬▬ ▬▬▬▬ ▬▬▬ ▬▬▬▬▬ ▬▬ ▬▬▬▬ ▬▬▬ ▬▬ ▬▬▬▬▬ ▬▬▬ ▬▬▬▬ ▬▬ ▬▬▬ ▬▬▬▬▬ ▬▬▬ ▬▬▬▬ ▬▬ ▬▬▬▬▬ ▬▬▬ ▬▬▬▬ ▬▬ ▬▬▬ ▬▬▬▬ ▬▬▬▬▬ ▬▬ ▬▬▬ ▬▬▬▬ ▬▬▬ ▬▬▬▬▬ ▬▬ ▬▬▬▬ ▬▬▬ ▬▬ ▬▬▬▬▬ ▬▬▬ ▬▬▬▬ ▬▬

At All Above 3 Way Grocers

▬▬▬ ▬▬▬▬▬ ▬▬ ▬▬▬▬ ▬▬▬ ▬▬ ▬▬▬▬▬ ▬▬▬ ▬▬▬▬ ▬▬ ▬▬▬ ▬▬▬▬▬ ▬▬▬ ▬▬▬▬ ▬▬ ▬▬▬▬▬ ▬▬▬ ▬▬▬▬ ▬▬ ▬▬▬ ▬▬▬▬ ▬▬▬▬▬ ▬▬ ▬▬▬ ▬▬▬▬ ▬▬▬ ▬▬▬▬▬ ▬▬ ▬▬▬▬ ▬▬▬ ▬▬ ▬▬▬▬▬ ▬▬▬ ▬▬▬▬ ▬▬ ▬▬▬ ▬▬▬▬▬ ▬▬▬ ▬▬▬▬ ▬▬ ▬▬▬▬▬ ▬▬▬ ▬▬▬▬ ▬▬ ▬▬▬ ▬▬▬▬ ▬▬▬▬▬ ▬▬ ▬▬▬ ▬▬▬▬ ▬▬▬ ▬▬▬▬▬ ▬▬ ▬▬▬▬ ▬▬▬ ▬▬ ▬▬▬▬▬ ▬▬▬ ▬▬▬▬ ▬▬ ▬▬▬ ▬▬▬▬▬ ▬▬▬ ▬▬▬▬ ▬▬ ▬▬▬▬▬ ▬▬▬ ▬▬▬▬ ▬▬ ▬▬▬ ▬▬▬▬ ▬▬▬▬▬ ▬▬ ▬▬▬ ▬▬▬▬ ▬▬▬ ▬▬▬▬▬ ▬▬ ▬▬▬▬ ▬▬▬ ▬▬ ▬▬▬▬▬ ▬▬▬ ▬▬▬▬ ▬▬

BUY YOUR MILLINERY
THE LARGEST ASSORTMENT
From San Francisco and New York
1,000 HATS and BONNETS
200 VARIETIES OF FLOWERS.
NEW RIBBONS,
NEW TRIMMINGS,
NEW ORNAMENTS,
EFFICIENT MILLINER.
CARTWHEELS REDUCED TO 25 CENTS.
NO TROUBLE TO SHOW GOODS
The Band Box.
THE BEST AND CHEAPEST STORE
IN THE MOUNTAINS.
SPRING & SUMMER MILLINERY!
Hats, Bonnets, Flowers, Plumes
Trimmings, Ribbons, Frames, Etc., Etc.
MISSES BOARDMAN & SNEYPERS,
COMPARE AND JUDGE FOR YOURSELF
MILLINERY!
LADIES HATS AND BONNETS
Fashionable Shapes
Latest Styles
Prices to Defy Competition!
MECHANICS' STORE
MASONIC BUILDING, COMMERCIAL ST.
CASPER COHN, Proprietor.
Bell, Lukes & Co., Proprietors, Sacramento
